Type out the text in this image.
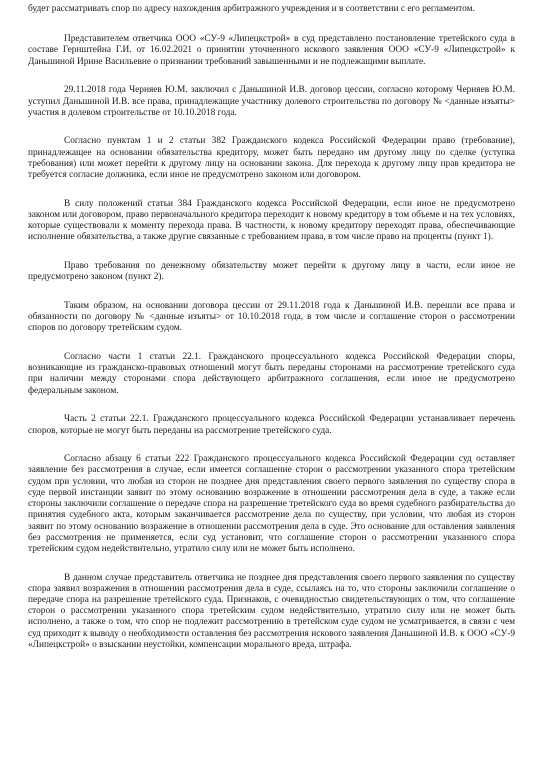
будет рассматривать спор по адресу нахождения арбитражного учреждения и в соответствии с его регламентом.

Представителем ответчика ООО «СУ-9 «Липецкстрой» в суд представлено постановление третейского суда в составе Гернштейна Г.И. от 16.02.2021 о принятии уточненного искового заявления ООО «СУ-9 «Липецкстрой» к Даньшиной Ирине Васильевне о признании требований завышенными и не подлежащими выплате.

29.11.2018 года Черняев Ю.М. заключил с Даньшиной И.В. договор цессии, согласно которому Черняев Ю.М. уступил Даньшиной И.В. все права, принадлежащие участнику долевого строительства по договору № <данные изъяты> участия в долевом строительстве от 10.10.2018 года.

Согласно пунктам 1 и 2 статьи 382 Гражданского кодекса Российской Федерации право (требование), принадлежащее на основании обязательства кредитору, может быть передано им другому лицу по сделке (уступка требования) или может перейти к другому лицу на основании закона. Для перехода к другому лицу прав кредитора не требуется согласие должника, если иное не предусмотрено законом или договором.

В силу положений статьи 384 Гражданского кодекса Российской Федерации, если иное не предусмотрено законом или договором, право первоначального кредитора переходит к новому кредитору в том объеме и на тех условиях, которые существовали к моменту перехода права. В частности, к новому кредитору переходят права, обеспечивающие исполнение обязательства, а также другие связанные с требованием права, в том числе право на проценты (пункт 1).

Право требования по денежному обязательству может перейти к другому лицу в части, если иное не предусмотрено законом (пункт 2).

Таким образом, на основании договора цессии от 29.11.2018 года к Даньшиной И.В. перешли все права и обязанности по договору № <данные изъяты> от 10.10.2018 года, в том числе и соглашение сторон о рассмотрении споров по договору третейским судом.

Согласно части 1 статьи 22.1. Гражданского процессуального кодекса Российской Федерации споры, возникающие из гражданско-правовых отношений могут быть переданы сторонами на рассмотрение третейского суда при наличии между сторонами спора действующего арбитражного соглашения, если иное не предусмотрено федеральным законом.

Часть 2 статьи 22.1. Гражданского процессуального кодекса Российской Федерации устанавливает перечень споров, которые не могут быть переданы на рассмотрение третейского суда.

Согласно абзацу 6 статьи 222 Гражданского процессуального кодекса Российской Федерации суд оставляет заявление без рассмотрения в случае, если имеется соглашение сторон о рассмотрении указанного спора третейским судом при условии, что любая из сторон не позднее дня представления своего первого заявления по существу спора в суде первой инстанции заявит по этому основанию возражение в отношении рассмотрения дела в суде, а также если стороны заключили соглашение о передаче спора на разрешение третейского суда во время судебного разбирательства до принятия судебного акта, которым заканчивается рассмотрение дела по существу, при условии, что любая из сторон заявит по этому основанию возражение в отношении рассмотрения дела в суде. Это основание для оставления заявления без рассмотрения не применяется, если суд установит, что соглашение сторон о рассмотрении указанного спора третейским судом недействительно, утратило силу или не может быть исполнено.

В данном случае представитель ответчика не позднее дня представления своего первого заявления по существу спора заявил возражения в отношении рассмотрения дела в суде, ссылаясь на то, что стороны заключили соглашение о передаче спора на разрешение третейского суда. Признаков, с очевидностью свидетельствующих о том, что соглашение сторон о рассмотрении указанного спора третейским судом недействительно, утратило силу или не может быть исполнено, а также о том, что спор не подлежит рассмотрению в третейском суде судом не усматривается, в связи с чем суд приходит к выводу о необходимости оставления без рассмотрения искового заявления Даньшиной И.В. к ООО «СУ-9 «Липецкстрой» о взыскании неустойки, компенсации морального вреда, штрафа.
